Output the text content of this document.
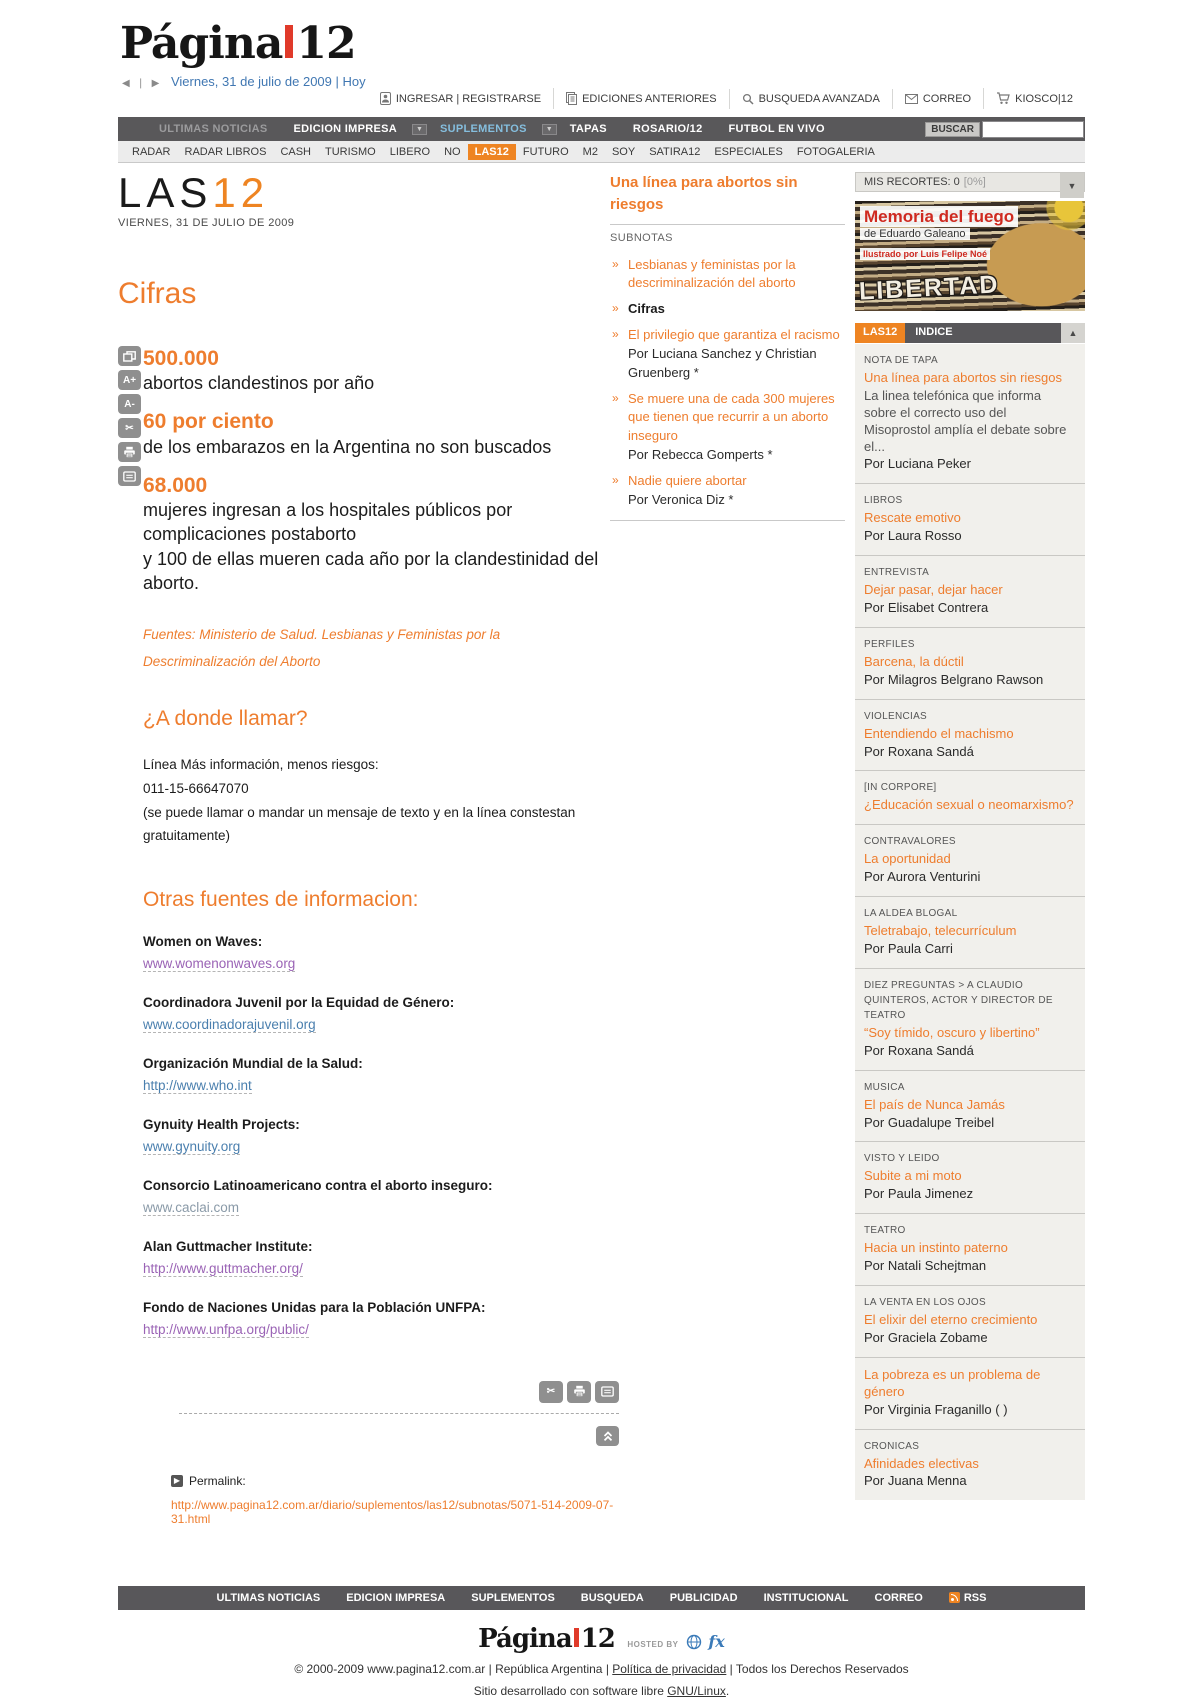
Página 12
◀ ❘ ▶ Viernes, 31 de julio de 2009 | Hoy
INGRESAR | REGISTRARSE	EDICIONES ANTERIORES	BUSQUEDA AVANZADA	CORREO	KIOSCO|12
ULTIMAS NOTICIAS	EDICION IMPRESA	▼	SUPLEMENTOS	▼	TAPAS	ROSARIO/12	FUTBOL EN VIVO	BUSCAR
RADAR	RADAR LIBROS	CASH	TURISMO	LIBERO	NO	LAS12	FUTURO	M2	SOY	SATIRA12	ESPECIALES	FOTOGALERIA
LAS12
VIERNES, 31 DE JULIO DE 2009
Cifras
A+
A-
✂
500.000
abortos clandestinos por año
60 por ciento
de los embarazos en la Argentina no son buscados
68.000
mujeres ingresan a los hospitales públicos por complicaciones postaborto
y 100 de ellas mueren cada año por la clandestinidad del aborto.

Fuentes: Ministerio de Salud. Lesbianas y Feministas por la Descriminalización del Aborto

¿A donde llamar?
Línea Más información, menos riesgos:
011-15-66647070
(se puede llamar o mandar un mensaje de texto y en la línea constestan gratuitamente)
Otras fuentes de informacion:
Women on Waves:
www.womenonwaves.org
Coordinadora Juvenil por la Equidad de Género:
www.coordinadorajuvenil.org
Organización Mundial de la Salud:
http://www.who.int
Gynuity Health Projects:
www.gynuity.org
Consorcio Latinoamericano contra el aborto inseguro:
www.caclai.com
Alan Guttmacher Institute:
http://www.guttmacher.org/
Fondo de Naciones Unidas para la Población UNFPA:
http://www.unfpa.org/public/
✂
▶ Permalink:
http://www.pagina12.com.ar/diario/suplementos/las12/subnotas/5071-514-2009-07-31.html
Una línea para abortos sin riesgos
SUBNOTAS
» Lesbianas y feministas por la descriminalización del aborto
» Cifras
» El privilegio que garantiza el racismo
Por Luciana Sanchez y Christian Gruenberg *
» Se muere una de cada 300 mujeres que tienen que recurrir a un aborto inseguro
Por Rebecca Gomperts *
» Nadie quiere abortar
Por Veronica Diz *
MIS RECORTES: 0 [0%]	▼
Memoria del fuego
de Eduardo Galeano
Ilustrado por Luis Felipe Noé
LIBERTAD
LAS12	INDICE	▲
NOTA DE TAPA
Una línea para abortos sin riesgos
La linea telefónica que informa sobre el correcto uso del Misoprostol amplía el debate sobre el...
Por Luciana Peker
LIBROS
Rescate emotivo
Por Laura Rosso
ENTREVISTA
Dejar pasar, dejar hacer
Por Elisabet Contrera
PERFILES
Barcena, la dúctil
Por Milagros Belgrano Rawson
VIOLENCIAS
Entendiendo el machismo
Por Roxana Sandá
[IN CORPORE]
¿Educación sexual o neomarxismo?
CONTRAVALORES
La oportunidad
Por Aurora Venturini
LA ALDEA BLOGAL
Teletrabajo, telecurrículum
Por Paula Carri
DIEZ PREGUNTAS > A CLAUDIO QUINTEROS, ACTOR Y DIRECTOR DE TEATRO
“Soy tímido, oscuro y libertino”
Por Roxana Sandá
MUSICA
El país de Nunca Jamás
Por Guadalupe Treibel
VISTO Y LEIDO
Subite a mi moto
Por Paula Jimenez
TEATRO
Hacia un instinto paterno
Por Natali Schejtman
LA VENTA EN LOS OJOS
El elixir del eterno crecimiento
Por Graciela Zobame
La pobreza es un problema de género
Por Virginia Fraganillo ( )
CRONICAS
Afinidades electivas
Por Juana Menna
ULTIMAS NOTICIAS EDICION IMPRESA SUPLEMENTOS BUSQUEDA PUBLICIDAD INSTITUCIONAL CORREO	RSS
Página 12 HOSTED BY fx
© 2000-2009 www.pagina12.com.ar | República Argentina | Política de privacidad | Todos los Derechos Reservados
Sitio desarrollado con software libre GNU/Linux.
